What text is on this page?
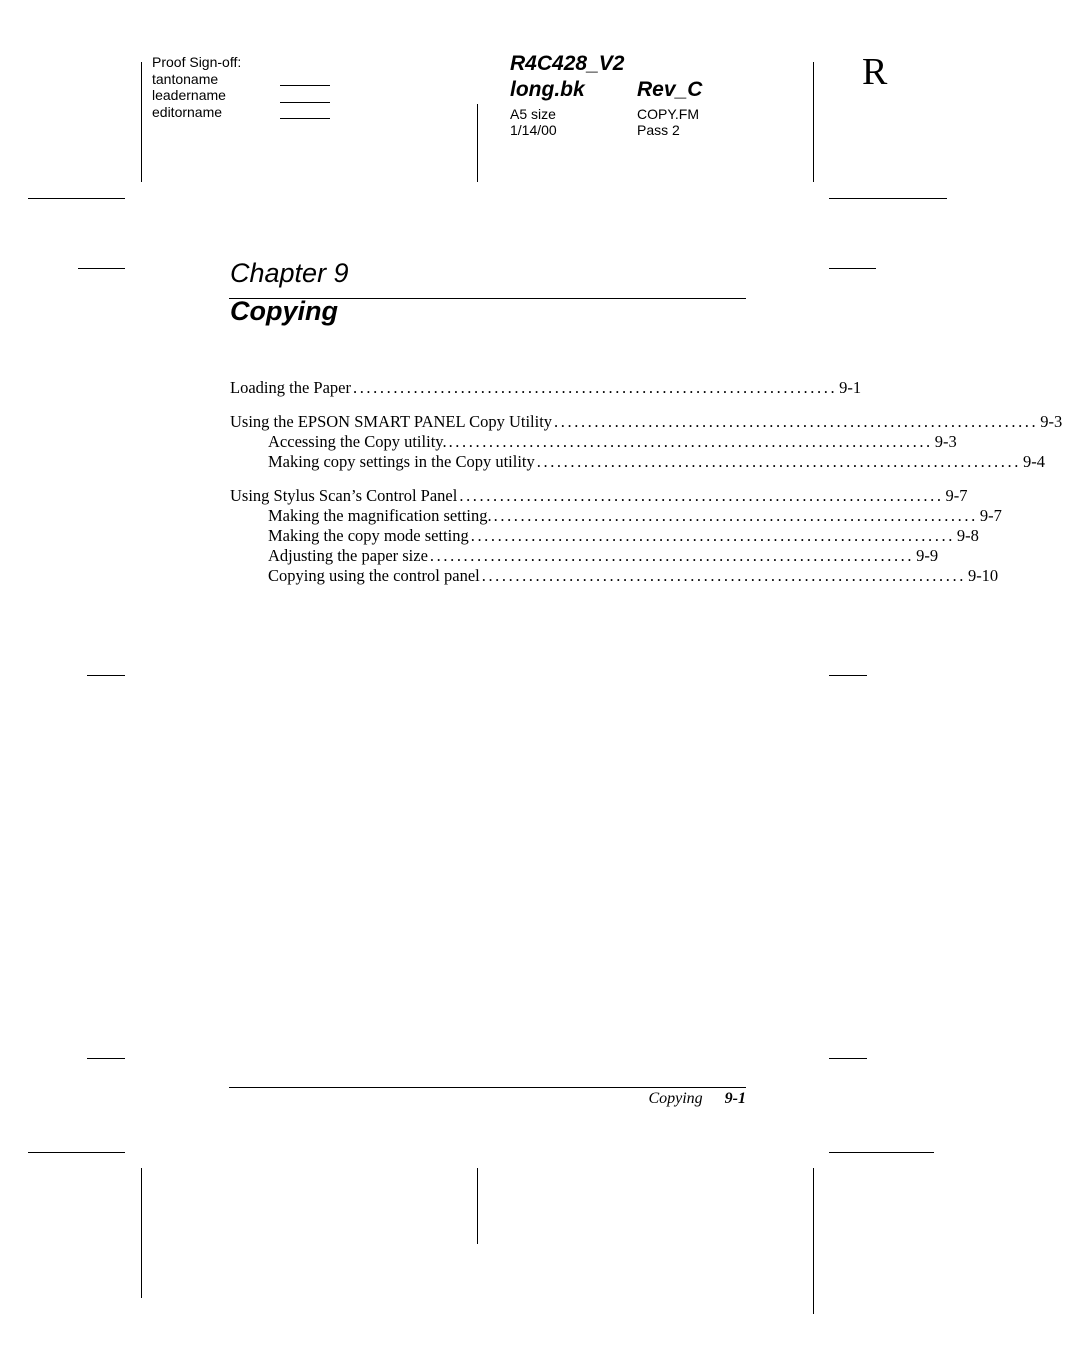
Proof Sign-off:
tantoname
leadername
editorname
R4C428_V2
long.bk Rev_C
A5 size
1/14/00
COPY.FM
Pass 2
R
Chapter 9
Copying
Loading the Paper ........................................................................ 9-1
Using the EPSON SMART PANEL Copy Utility ........................................................................ 9-3
Accessing the Copy utility. ........................................................................ 9-3
Making copy settings in the Copy utility ........................................................................ 9-4
Using Stylus Scan’s Control Panel ........................................................................ 9-7
Making the magnification setting. ........................................................................ 9-7
Making the copy mode setting ........................................................................ 9-8
Adjusting the paper size ........................................................................ 9-9
Copying using the control panel ........................................................................ 9-10
Copying 9-1
